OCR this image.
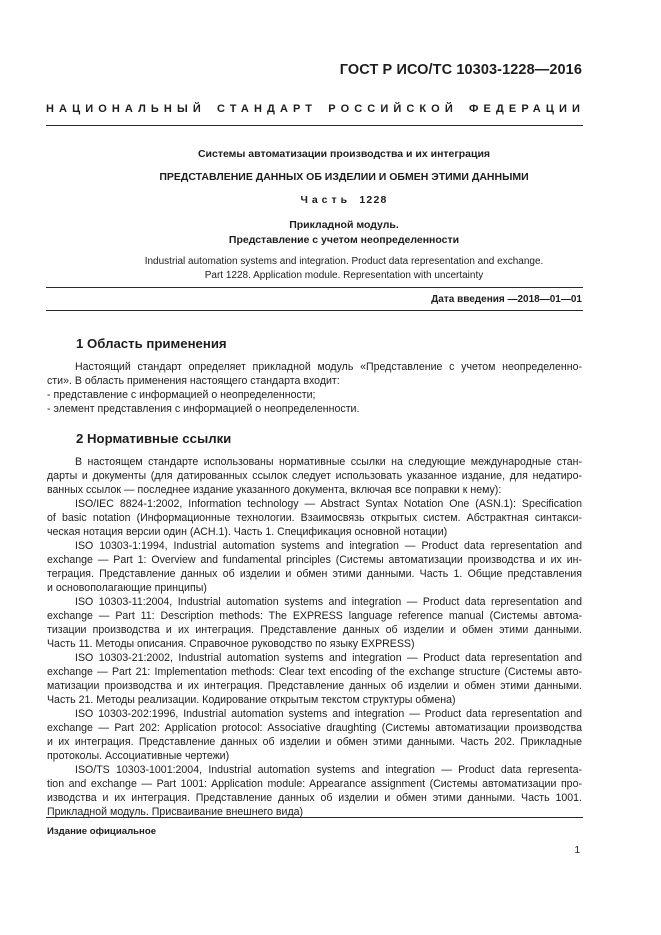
ГОСТ Р ИСО/ТС 10303-1228—2016
НАЦИОНАЛЬНЫЙ СТАНДАРТ РОССИЙСКОЙ ФЕДЕРАЦИИ
Системы автоматизации производства и их интеграция
ПРЕДСТАВЛЕНИЕ ДАННЫХ ОБ ИЗДЕЛИИ И ОБМЕН ЭТИМИ ДАННЫМИ
Часть 1228
Прикладной модуль.
Представление с учетом неопределенности
Industrial automation systems and integration. Product data representation and exchange.
Part 1228. Application module. Representation with uncertainty
Дата введения —2018—01—01
1 Область применения
Настоящий стандарт определяет прикладной модуль «Представление с учетом неопределенно-
сти». В область применения настоящего стандарта входит:
- представление с информацией о неопределенности;
- элемент представления с информацией о неопределенности.
2 Нормативные ссылки
В настоящем стандарте использованы нормативные ссылки на следующие международные стан-
дарты и документы (для датированных ссылок следует использовать указанное издание, для недатиро-
ванных ссылок — последнее издание указанного документа, включая все поправки к нему):
ISO/IEC 8824-1:2002, Information technology — Abstract Syntax Notation One (ASN.1): Specification
of basic notation (Информационные технологии. Взаимосвязь открытых систем. Абстрактная синтакси-
ческая нотация версии один (АСН.1). Часть 1. Спецификация основной нотации)
ISO 10303-1:1994, Industrial automation systems and integration — Product data representation and
exchange — Part 1: Overview and fundamental principles (Системы автоматизации производства и их ин-
теграция. Представление данных об изделии и обмен этими данными. Часть 1. Общие представления
и основополагающие принципы)
ISO 10303-11:2004, Industrial automation systems and integration — Product data representation and
exchange — Part 11: Description methods: The EXPRESS language reference manual (Системы автома-
тизации производства и их интеграция. Представление данных об изделии и обмен этими данными.
Часть 11. Методы описания. Справочное руководство по языку EXPRESS)
ISO 10303-21:2002, Industrial automation systems and integration — Product data representation and
exchange — Part 21: Implementation methods: Clear text encoding of the exchange structure (Системы авто-
матизации производства и их интеграция. Представление данных об изделии и обмен этими данными.
Часть 21. Методы реализации. Кодирование открытым текстом структуры обмена)
ISO 10303-202:1996, Industrial automation systems and integration — Product data representation and
exchange — Part 202: Application protocol: Associative draughting (Системы автоматизации производства
и их интеграция. Представление данных об изделии и обмен этими данными. Часть 202. Прикладные
протоколы. Ассоциативные чертежи)
ISO/TS 10303-1001:2004, Industrial automation systems and integration — Product data representa-
tion and exchange — Part 1001: Application module: Appearance assignment (Системы автоматизации про-
изводства и их интеграция. Представление данных об изделии и обмен этими данными. Часть 1001.
Прикладной модуль. Присваивание внешнего вида)
Издание официальное
1
